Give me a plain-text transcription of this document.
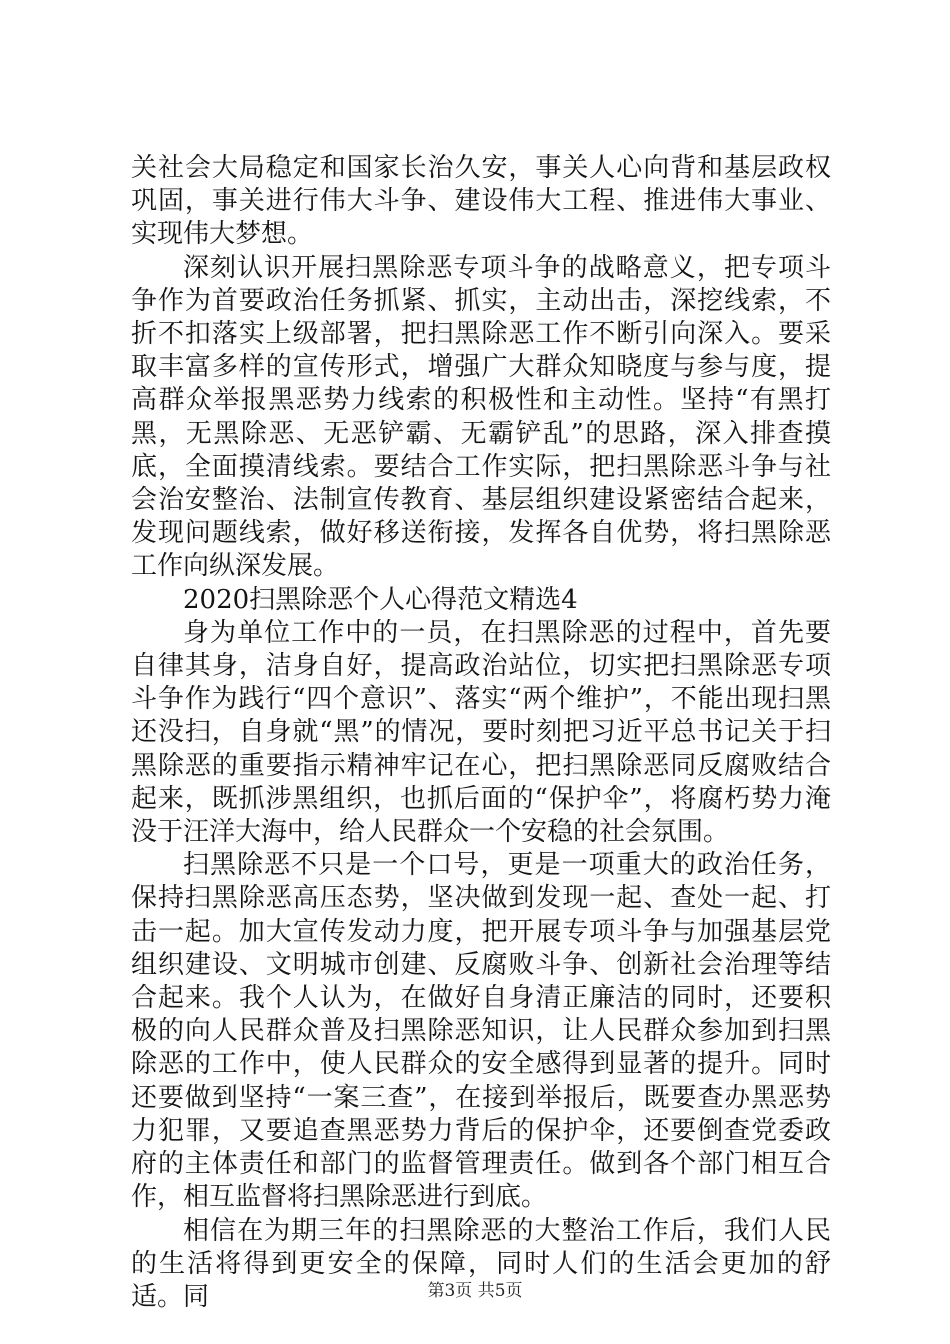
关社会大局稳定和国家长治久安，事关人心向背和基层政权巩固，事关进行伟大斗争、建设伟大工程、推进伟大事业、实现伟大梦想。

深刻认识开展扫黑除恶专项斗争的战略意义，把专项斗争作为首要政治任务抓紧、抓实，主动出击，深挖线索，不折不扣落实上级部署，把扫黑除恶工作不断引向深入。要采取丰富多样的宣传形式，增强广大群众知晓度与参与度，提高群众举报黑恶势力线索的积极性和主动性。坚持“有黑打黑，无黑除恶、无恶铲霸、无霸铲乱”的思路，深入排查摸底，全面摸清线索。要结合工作实际，把扫黑除恶斗争与社会治安整治、法制宣传教育、基层组织建设紧密结合起来，发现问题线索，做好移送衔接，发挥各自优势，将扫黑除恶工作向纵深发展。

2020扫黑除恶个人心得范文精选4

身为单位工作中的一员，在扫黑除恶的过程中，首先要自律其身，洁身自好，提高政治站位，切实把扫黑除恶专项斗争作为践行“四个意识”、落实“两个维护”，不能出现扫黑还没扫，自身就“黑”的情况，要时刻把习近平总书记关于扫黑除恶的重要指示精神牢记在心，把扫黑除恶同反腐败结合起来，既抓涉黑组织，也抓后面的“保护伞”，将腐朽势力淹没于汪洋大海中，给人民群众一个安稳的社会氛围。

扫黑除恶不只是一个口号，更是一项重大的政治任务，保持扫黑除恶高压态势，坚决做到发现一起、查处一起、打击一起。加大宣传发动力度，把开展专项斗争与加强基层党组织建设、文明城市创建、反腐败斗争、创新社会治理等结合起来。我个人认为，在做好自身清正廉洁的同时，还要积极的向人民群众普及扫黑除恶知识，让人民群众参加到扫黑除恶的工作中，使人民群众的安全感得到显著的提升。同时还要做到坚持“一案三查”，在接到举报后，既要查办黑恶势力犯罪，又要追查黑恶势力背后的保护伞，还要倒查党委政府的主体责任和部门的监督管理责任。做到各个部门相互合作，相互监督将扫黑除恶进行到底。

相信在为期三年的扫黑除恶的大整治工作后，我们人民的生活将得到更安全的保障，同时人们的生活会更加的舒适。同	第3页 共5页
